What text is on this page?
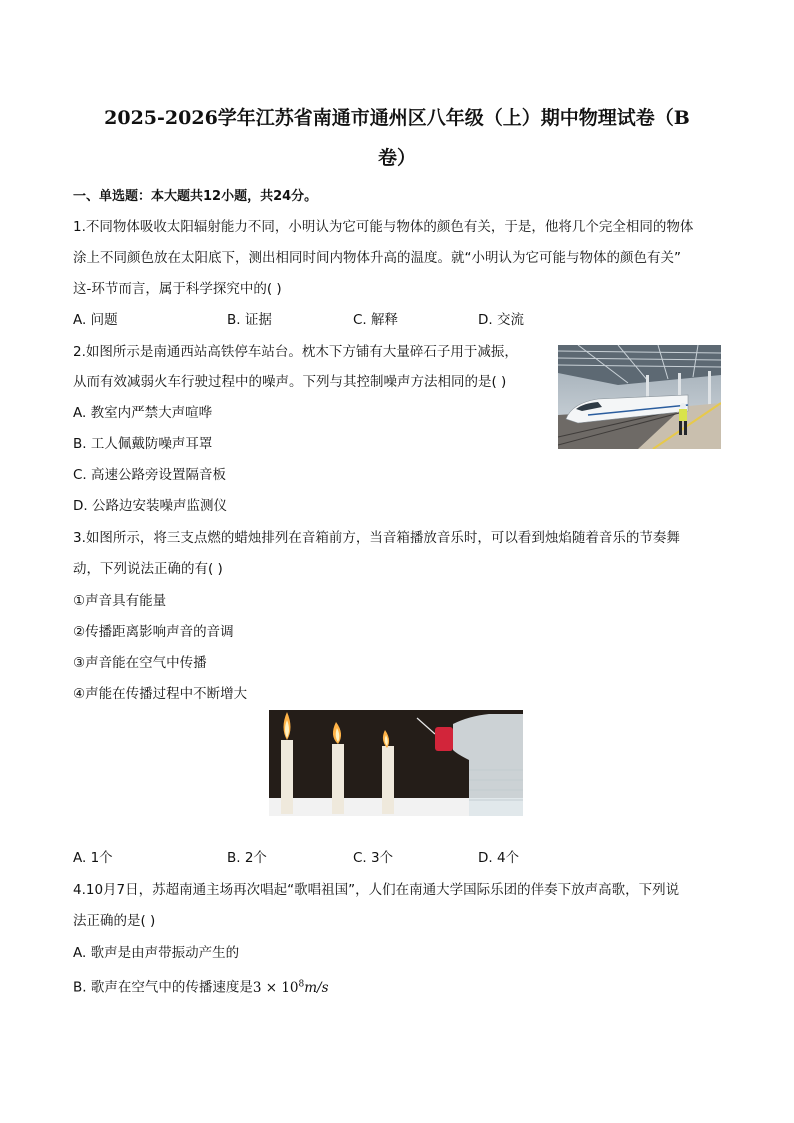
2025-2026学年江苏省南通市通州区八年级（上）期中物理试卷（B
卷）
一、单选题：本大题共12小题，共24分。
1.不同物体吸收太阳辐射能力不同，小明认为它可能与物体的颜色有关，于是，他将几个完全相同的物体
涂上不同颜色放在太阳底下，测出相同时间内物体升高的温度。就“小明认为它可能与物体的颜色有关”
这-环节而言，属于科学探究中的( )
A. 问题	B. 证据	C. 解释	D. 交流
2.如图所示是南通西站高铁停车站台。枕木下方铺有大量碎石子用于减振，
从而有效减弱火车行驶过程中的噪声。下列与其控制噪声方法相同的是( )
A. 教室内严禁大声喧哗
B. 工人佩戴防噪声耳罩
C. 高速公路旁设置隔音板
D. 公路边安装噪声监测仪
3.如图所示，将三支点燃的蜡烛排列在音箱前方，当音箱播放音乐时，可以看到烛焰随着音乐的节奏舞
动，下列说法正确的有( )
①声音具有能量
②传播距离影响声音的音调
③声音能在空气中传播
④声能在传播过程中不断增大
A. 1个	B. 2个	C. 3个	D. 4个
4.10月7日，苏超南通主场再次唱起“歌唱祖国”，人们在南通大学国际乐团的伴奏下放声高歌，下列说
法正确的是( )
A. 歌声是由声带振动产生的
B. 歌声在空气中的传播速度是$3 \times 10^8m/s$
